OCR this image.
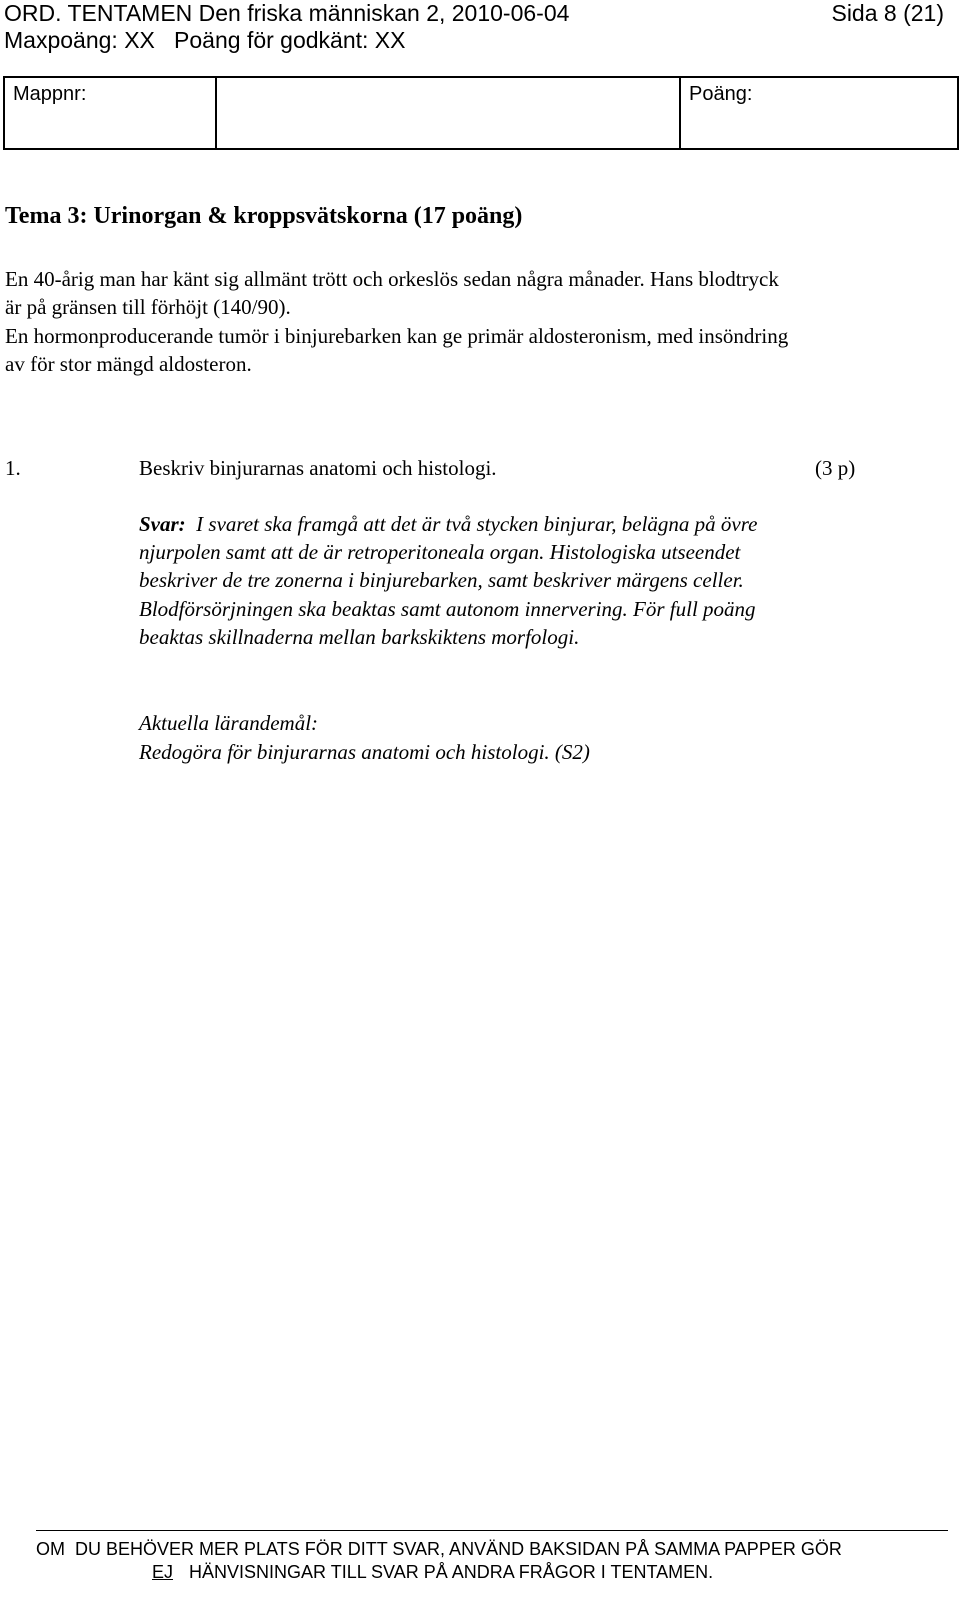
ORD. TENTAMEN Den friska människan 2, 2010-06-04	Sida 8 (21)
Maxpoäng: XX   Poäng för godkänt: XX
Mappnr:	Poäng:
Tema 3: Urinorgan & kroppsvätskorna (17 poäng)
En 40-årig man har känt sig allmänt trött och orkeslös sedan några månader. Hans blodtryck
är på gränsen till förhöjt (140/90).
En hormonproducerande tumör i binjurebarken kan ge primär aldosteronism, med insöndring
av för stor mängd aldosteron.
1.	Beskriv binjurarnas anatomi och histologi.	(3 p)
Svar: I svaret ska framgå att det är två stycken binjurar, belägna på övre
njurpolen samt att de är retroperitoneala organ. Histologiska utseendet
beskriver de tre zonerna i binjurebarken, samt beskriver märgens celler.
Blodförsörjningen ska beaktas samt autonom innervering. För full poäng
beaktas skillnaderna mellan barkskiktens morfologi.
Aktuella lärandemål:
Redogöra för binjurarnas anatomi och histologi. (S2)
OM  DU BEHÖVER MER PLATS FÖR DITT SVAR, ANVÄND BAKSIDAN PÅ SAMMA PAPPER GÖR
EJ HÄNVISNINGAR TILL SVAR PÅ ANDRA FRÅGOR I TENTAMEN.
